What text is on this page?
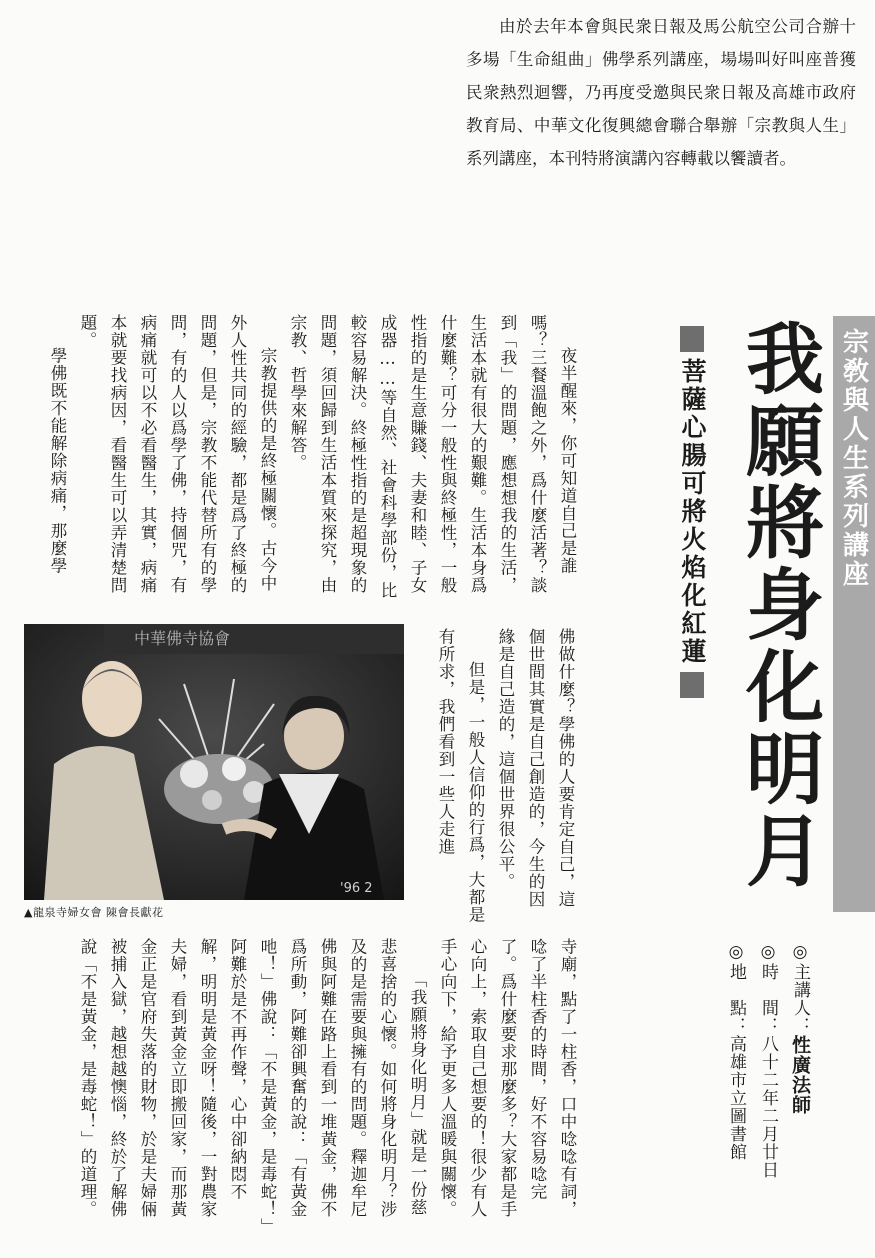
由於去年本會與民衆日報及馬公航空公司合辦十多場「生命組曲」佛學系列講座，場場叫好叫座普獲民衆熱烈迴響，乃再度受邀與民衆日報及高雄市政府教育局、中華文化復興總會聯合舉辦「宗教與人生」系列講座，本刊特將演講內容轉載以饗讀者。
宗敎與人生系列講座
我願將身化明月
菩薩心腸可將火焰化紅蓮

夜半醒來，你可知道自己是誰嗎？三餐溫飽之外，爲什麼活著？談到「我」的問題，應想想我的生活，生活本就有很大的艱難。生活本身爲什麼難？可分一般性與終極性，一般性指的是生意賺錢、夫妻和睦、子女成器……等自然、社會科學部份，比較容易解決。終極性指的是超現象的問題，須回歸到生活本質來探究，由宗教、哲學來解答。

宗教提供的是終極關懷。古今中外人性共同的經驗，都是爲了終極的問題，但是，宗教不能代替所有的學問，有的人以爲學了佛，持個咒，有病痛就可以不必看醫生，其實，病痛本就要找病因，看醫生可以弄清楚問題。

學佛既不能解除病痛，那麼學

佛做什麼？學佛的人要肯定自己，這個世間其實是自己創造的，今生的因緣是自己造的，這個世界很公平。

但是，一般人信仰的行爲，大都是有所求，我們看到一些人走進

中華佛寺協會
'96 2
▲龍泉寺婦女會 陳會長獻花

寺廟，點了一柱香，口中唸唸有詞，唸了半柱香的時間，好不容易唸完了。爲什麼要求那麼多？大家都是手心向上，索取自己想要的！很少有人手心向下，給予更多人溫暖與關懷。

「我願將身化明月」就是一份慈悲喜捨的心懷。如何將身化明月？涉及的是需要與擁有的問題。釋迦牟尼佛與阿難在路上看到一堆黃金，佛不爲所動，阿難卻興奮的說：「有黃金吔！」佛說：「不是黃金，是毒蛇！」阿難於是不再作聲，心中卻納悶不解，明明是黃金呀！隨後，一對農家夫婦，看到黃金立即搬回家，而那黃金正是官府失落的財物，於是夫婦倆被捕入獄，越想越懊惱，終於了解佛說「不是黃金，是毒蛇！」的道理。	◎主講人：性廣法師
◎時　間：八十二年二月廿日
◎地　點：高雄市立圖書館
